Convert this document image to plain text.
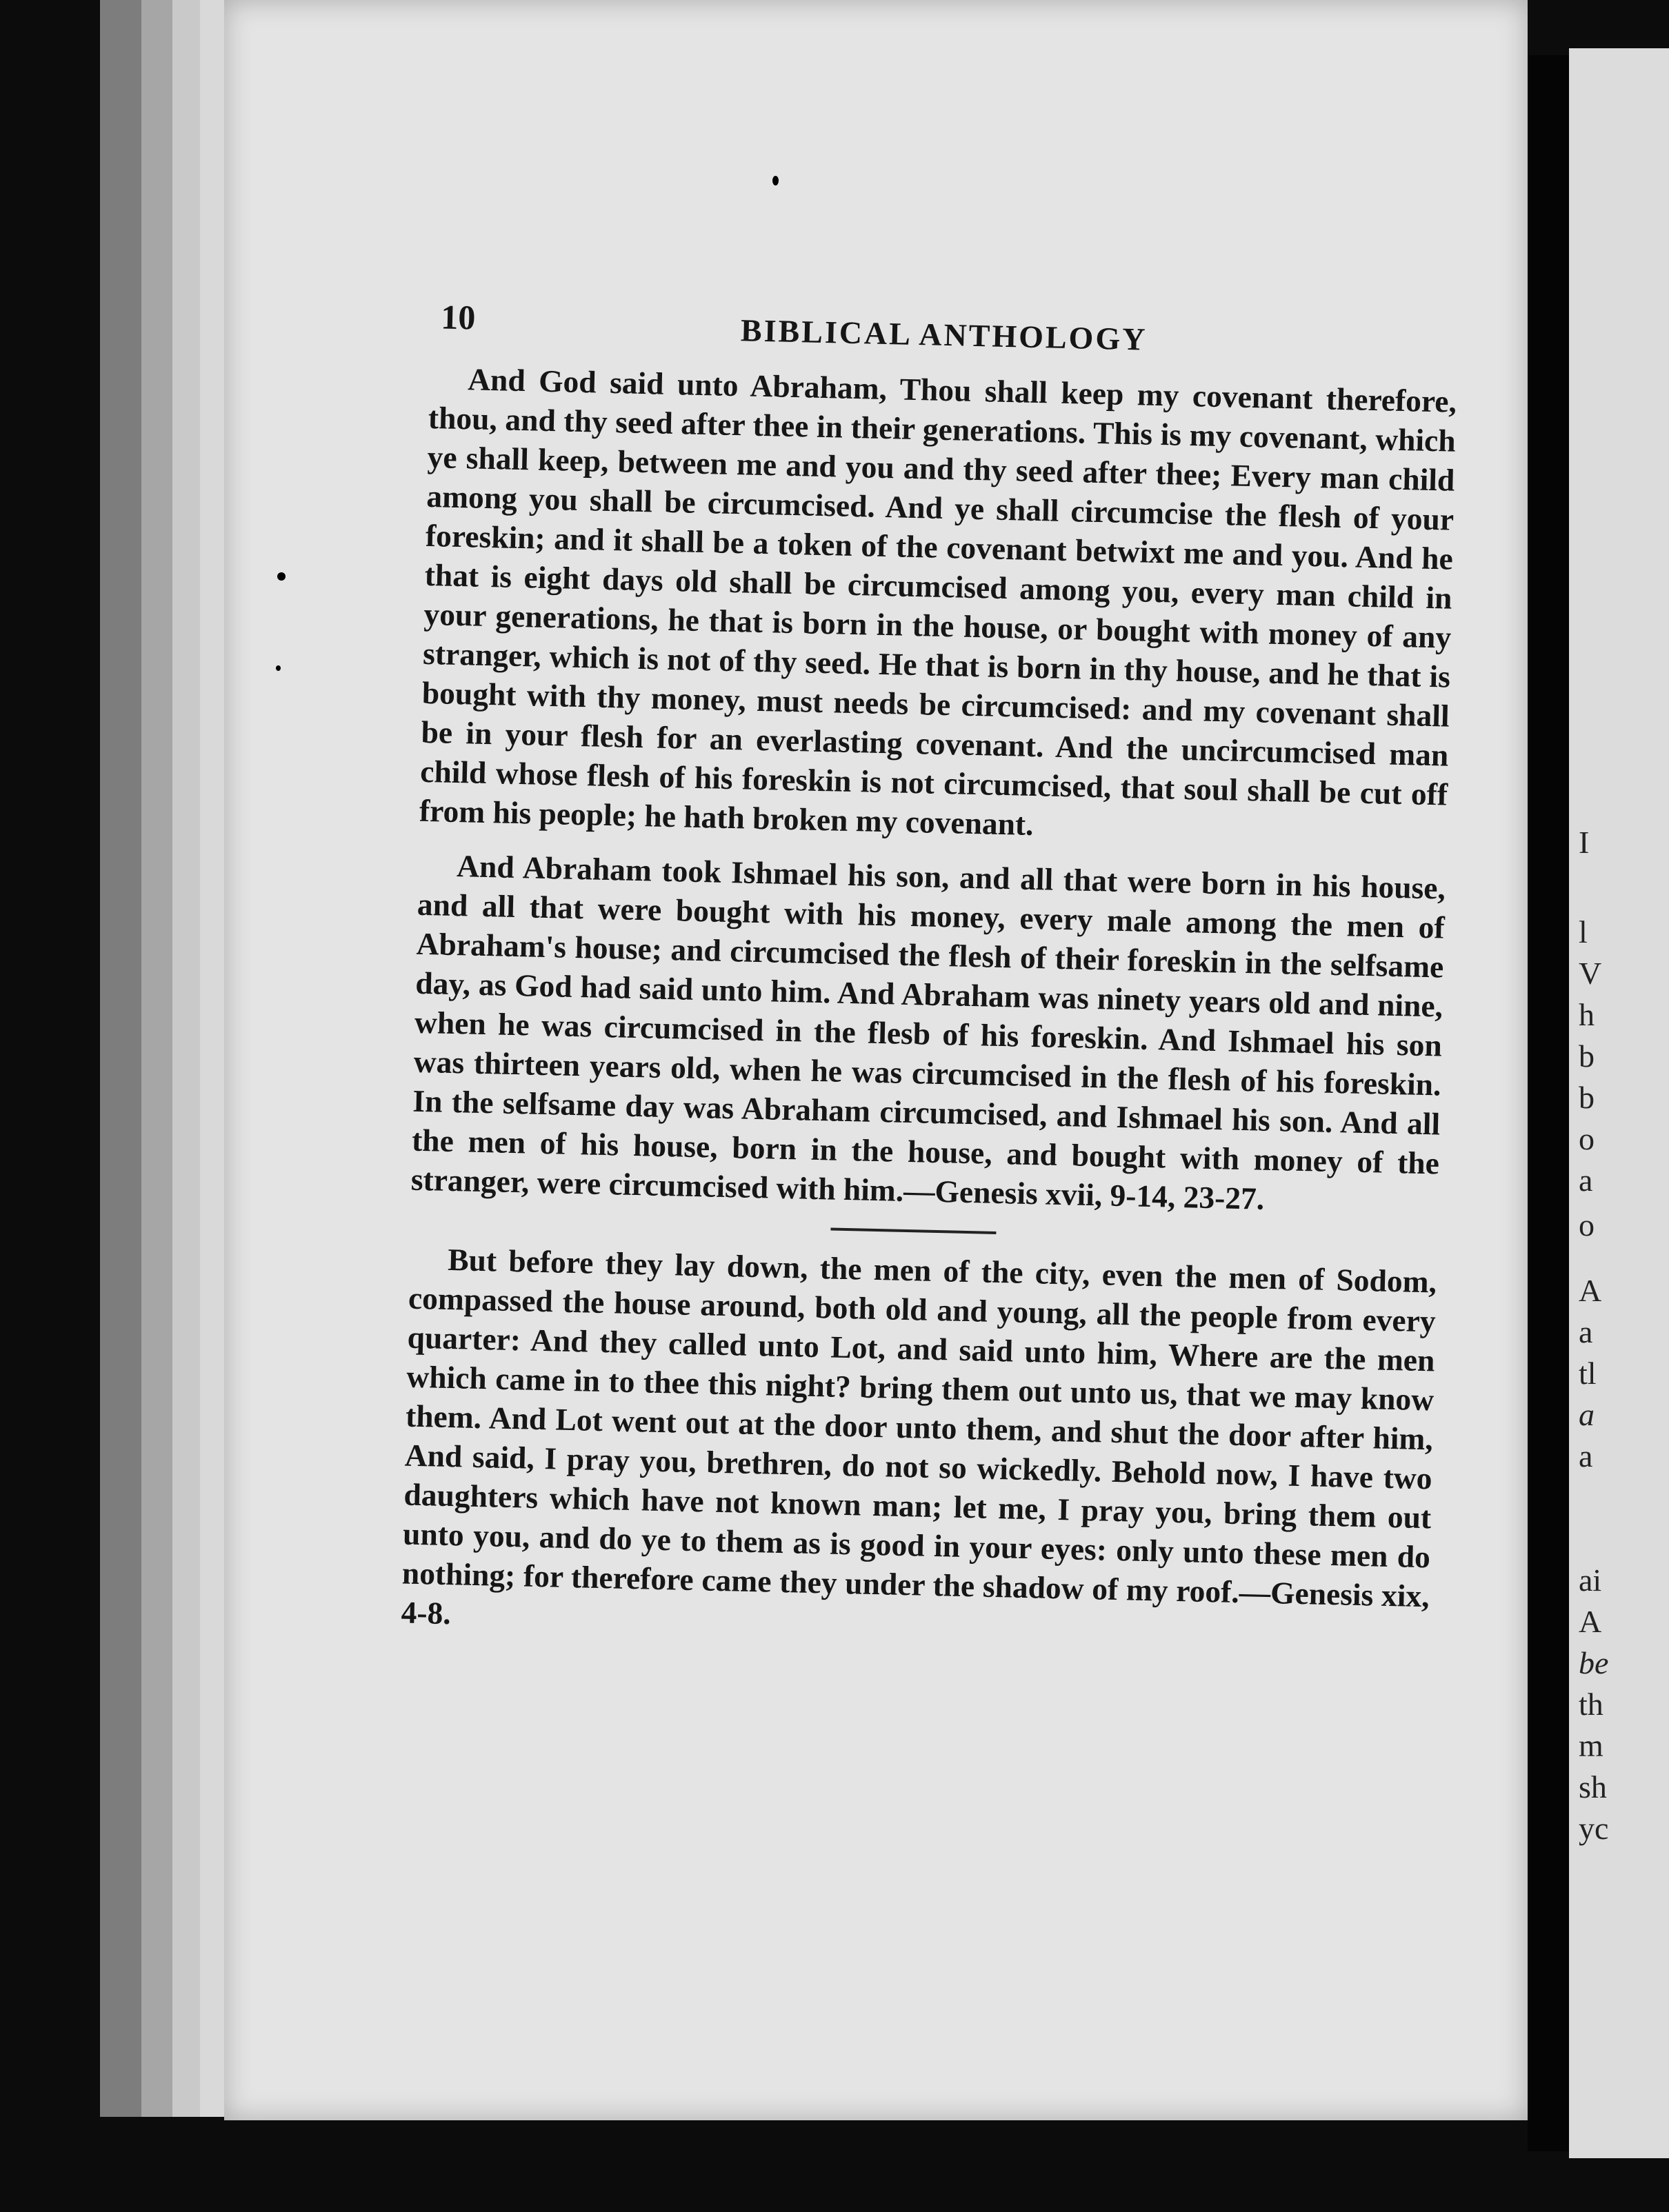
I
l
V
h
b
b
o
a
o
A
a
tl
a
a
ai
A
be
th
m
sh
yc
10	BIBLICAL ANTHOLOGY

And God said unto Abraham, Thou shall keep my covenant therefore, thou, and thy seed after thee in their generations. This is my covenant, which ye shall keep, between me and you and thy seed after thee; Every man child among you shall be circumcised. And ye shall circumcise the flesh of your foreskin; and it shall be a token of the covenant betwixt me and you. And he that is eight days old shall be circumcised among you, every man child in your generations, he that is born in the house, or bought with money of any stranger, which is not of thy seed. He that is born in thy house, and he that is bought with thy money, must needs be circumcised: and my covenant shall be in your flesh for an everlasting covenant. And the uncircumcised man child whose flesh of his foreskin is not circumcised, that soul shall be cut off from his people; he hath broken my covenant.

And Abraham took Ishmael his son, and all that were born in his house, and all that were bought with his money, every male among the men of Abraham's house; and circumcised the flesh of their foreskin in the selfsame day, as God had said unto him. And Abraham was ninety years old and nine, when he was circumcised in the flesb of his foreskin. And Ishmael his son was thirteen years old, when he was circumcised in the flesh of his foreskin. In the selfsame day was Abraham circumcised, and Ishmael his son. And all the men of his house, born in the house, and bought with money of the stranger, were circumcised with him.—Genesis xvii, 9-14, 23-27.

But before they lay down, the men of the city, even the men of Sodom, compassed the house around, both old and young, all the people from every quarter: And they called unto Lot, and said unto him, Where are the men which came in to thee this night? bring them out unto us, that we may know them. And Lot went out at the door unto them, and shut the door after him, And said, I pray you, brethren, do not so wickedly. Behold now, I have two daughters which have not known man; let me, I pray you, bring them out unto you, and do ye to them as is good in your eyes: only unto these men do nothing; for therefore came they under the shadow of my roof.—Genesis xix, 4-8.
